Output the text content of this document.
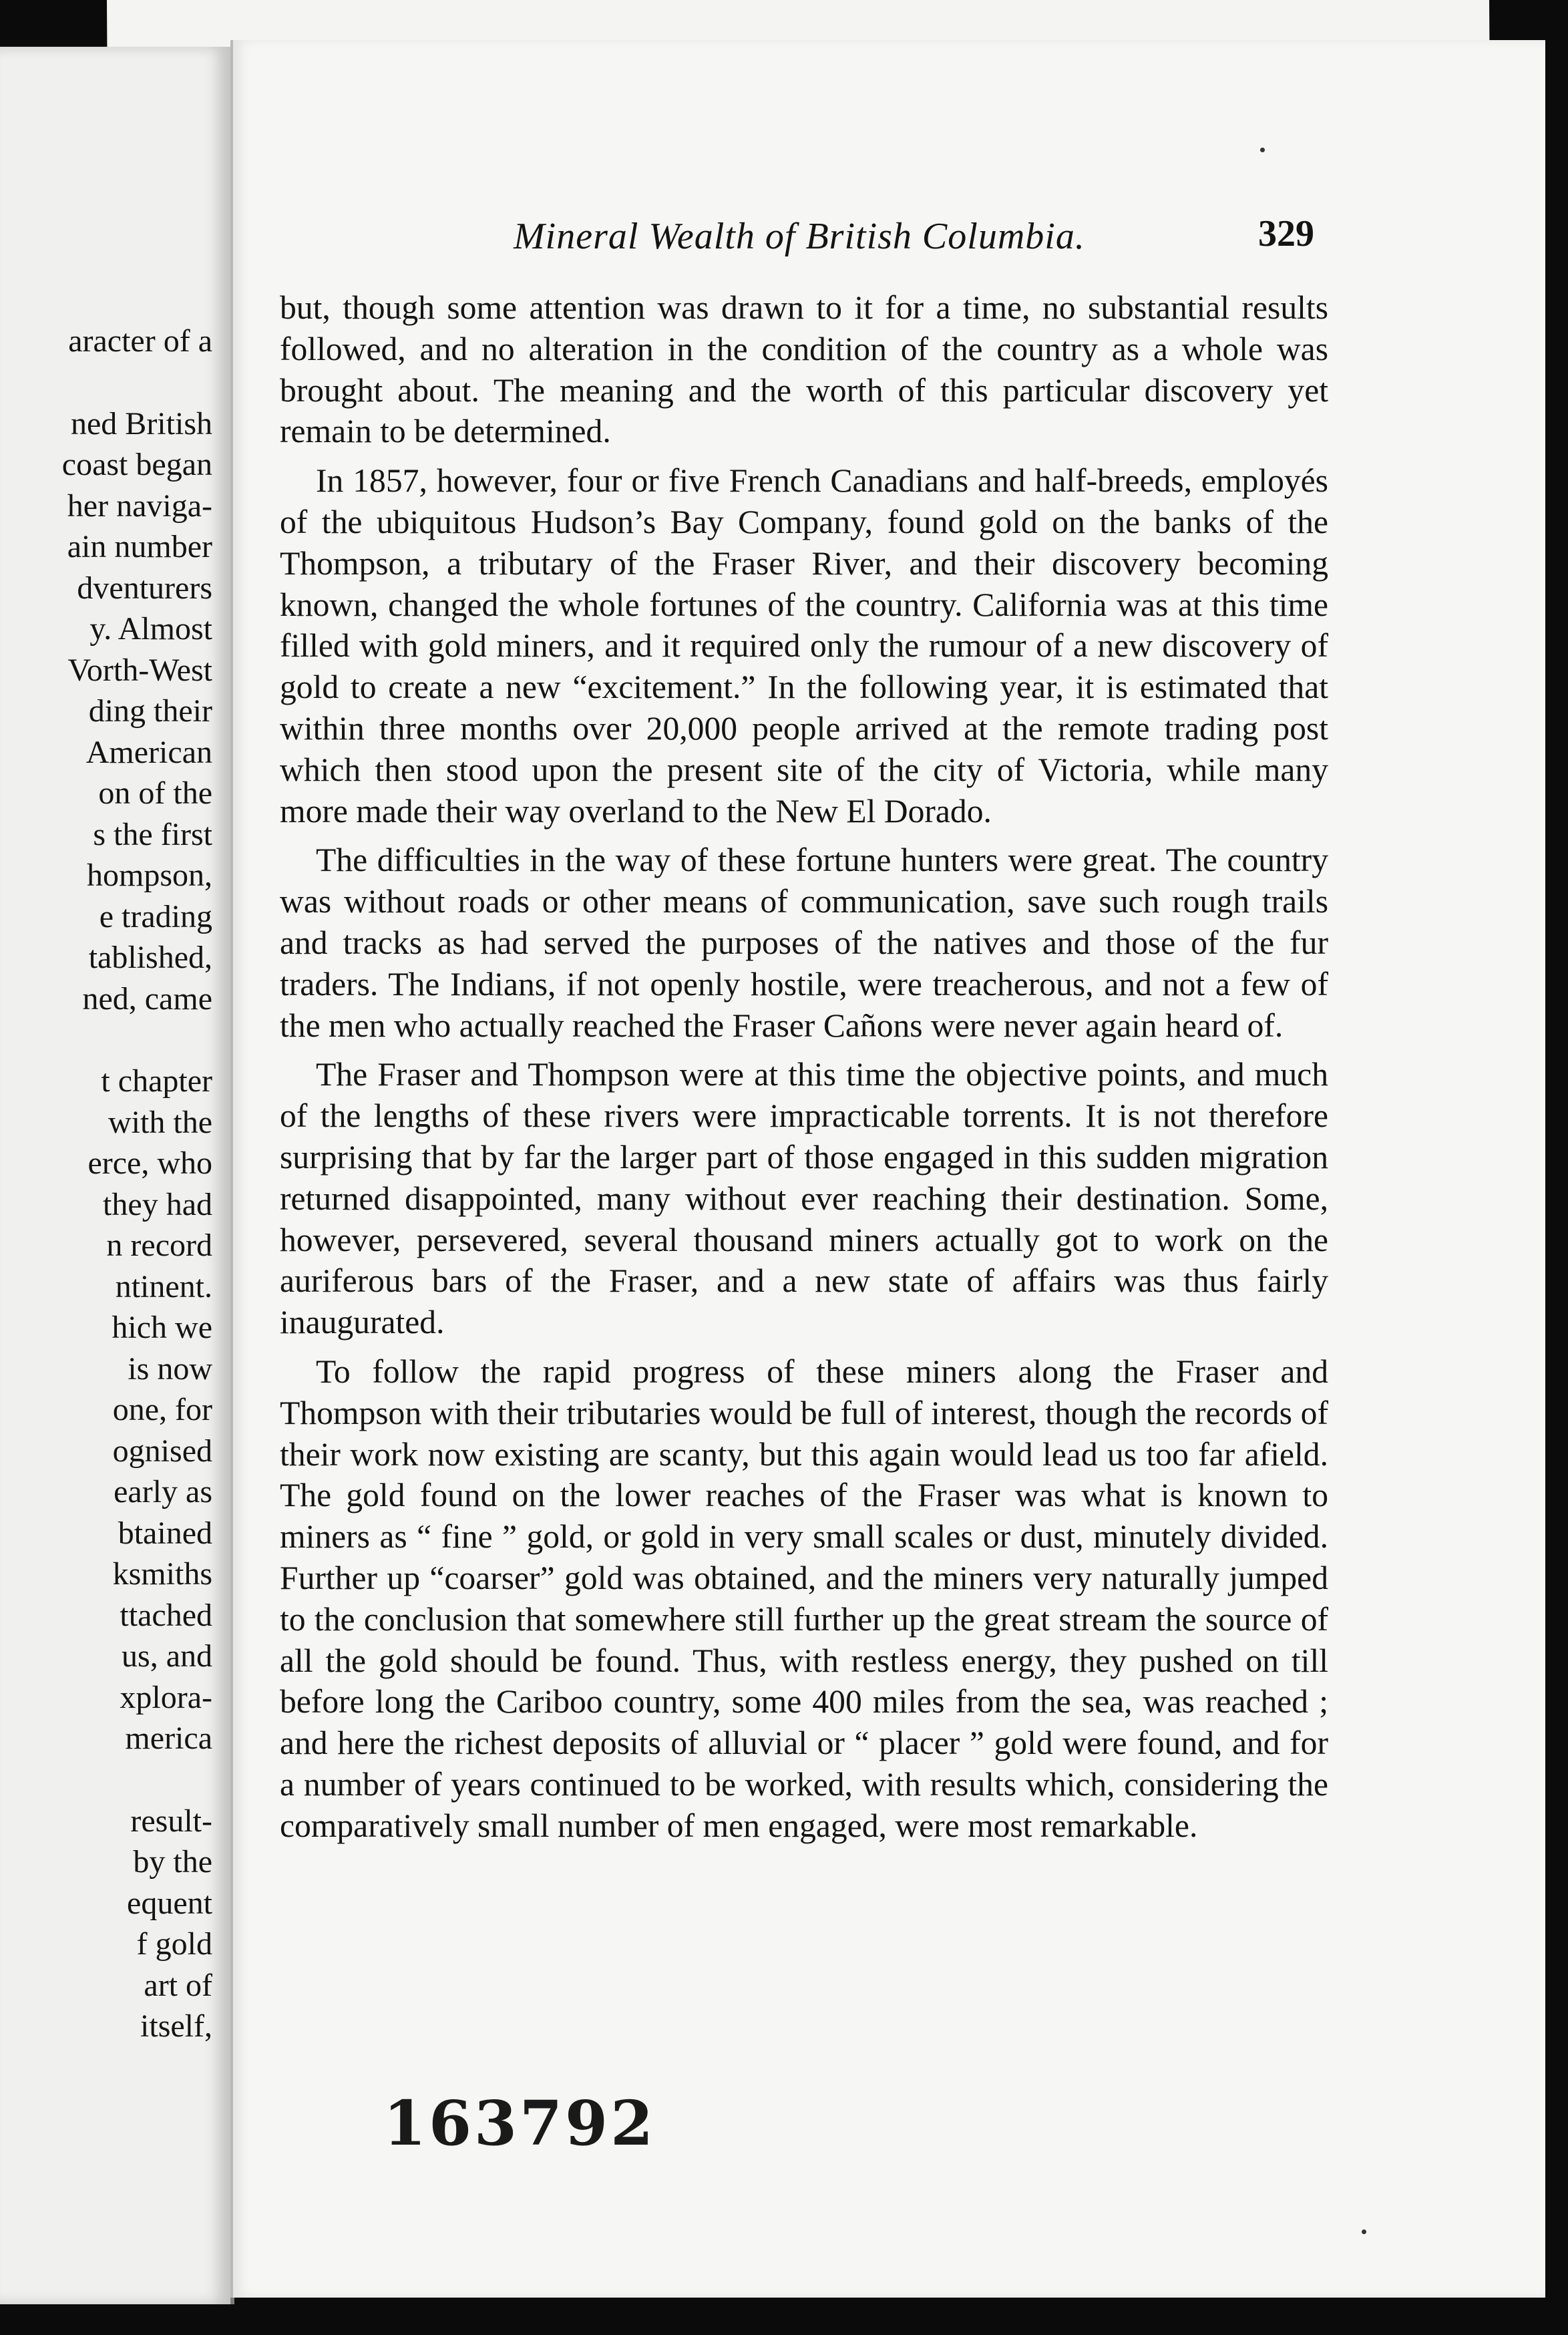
aracter of a
ned British
coast began
her naviga-
ain number
dventurers
y. Almost
Vorth-West
ding their
American
on of the
s the first
hompson,
e trading
tablished,
ned, came
t chapter
with the
erce, who
they had
n record
ntinent.
hich we
is now
one, for
ognised
early as
btained
ksmiths
ttached
us, and
xplora-
merica
result-
by the
equent
f gold
art of
itself,
Mineral Wealth of British Columbia.	329

but, though some attention was drawn to it for a time, no substantial results followed, and no alteration in the condition of the country as a whole was brought about. The meaning and the worth of this particular discovery yet remain to be determined.

In 1857, however, four or five French Canadians and half-breeds, employés of the ubiquitous Hudson’s Bay Company, found gold on the banks of the Thompson, a tributary of the Fraser River, and their discovery becoming known, changed the whole fortunes of the country. California was at this time filled with gold miners, and it required only the rumour of a new discovery of gold to create a new “excitement.” In the following year, it is estimated that within three months over 20,000 people arrived at the remote trading post which then stood upon the present site of the city of Victoria, while many more made their way overland to the New El Dorado.

The difficulties in the way of these fortune hunters were great. The country was without roads or other means of communication, save such rough trails and tracks as had served the purposes of the natives and those of the fur traders. The Indians, if not openly hostile, were treacherous, and not a few of the men who actually reached the Fraser Cañons were never again heard of.

The Fraser and Thompson were at this time the objective points, and much of the lengths of these rivers were impracticable torrents. It is not therefore surprising that by far the larger part of those engaged in this sudden migration returned disappointed, many without ever reaching their destination. Some, however, persevered, several thousand miners actually got to work on the auriferous bars of the Fraser, and a new state of affairs was thus fairly inaugurated.

To follow the rapid progress of these miners along the Fraser and Thompson with their tributaries would be full of interest, though the records of their work now existing are scanty, but this again would lead us too far afield. The gold found on the lower reaches of the Fraser was what is known to miners as “ fine ” gold, or gold in very small scales or dust, minutely divided. Further up “coarser” gold was obtained, and the miners very naturally jumped to the conclusion that somewhere still further up the great stream the source of all the gold should be found. Thus, with restless energy, they pushed on till before long the Cariboo country, some 400 miles from the sea, was reached ; and here the richest deposits of alluvial or “ placer ” gold were found, and for a number of years continued to be worked, with results which, considering the comparatively small number of men engaged, were most remarkable.

163792
